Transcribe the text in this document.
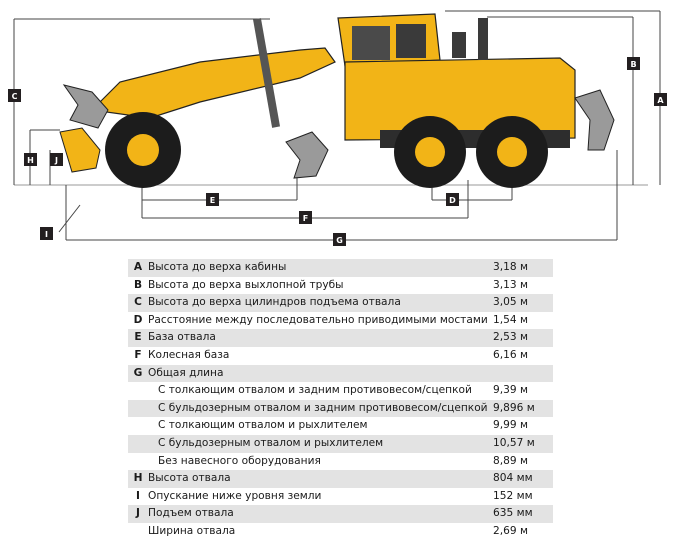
A
B
C
D
E
F
G
H
I
J
A	Высота до верха кабины	3,18 м
B	Высота до верха выхлопной трубы	3,13 м
C	Высота до верха цилиндров подъема отвала	3,05 м
D	Расстояние между последовательно приводимыми мостами	1,54 м
E	База отвала	2,53 м
F	Колесная база	6,16 м
G	Общая длина	
	С толкающим отвалом и задним противовесом/сцепкой	9,39 м
	С бульдозерным отвалом и задним противовесом/сцепкой	9,896 м
	С толкающим отвалом и рыхлителем	9,99 м
	С бульдозерным отвалом и рыхлителем	10,57 м
	Без навесного оборудования	8,89 м
H	Высота отвала	804 мм
I	Опускание ниже уровня земли	152 мм
J	Подъем отвала	635 мм
	Ширина отвала	2,69 м
